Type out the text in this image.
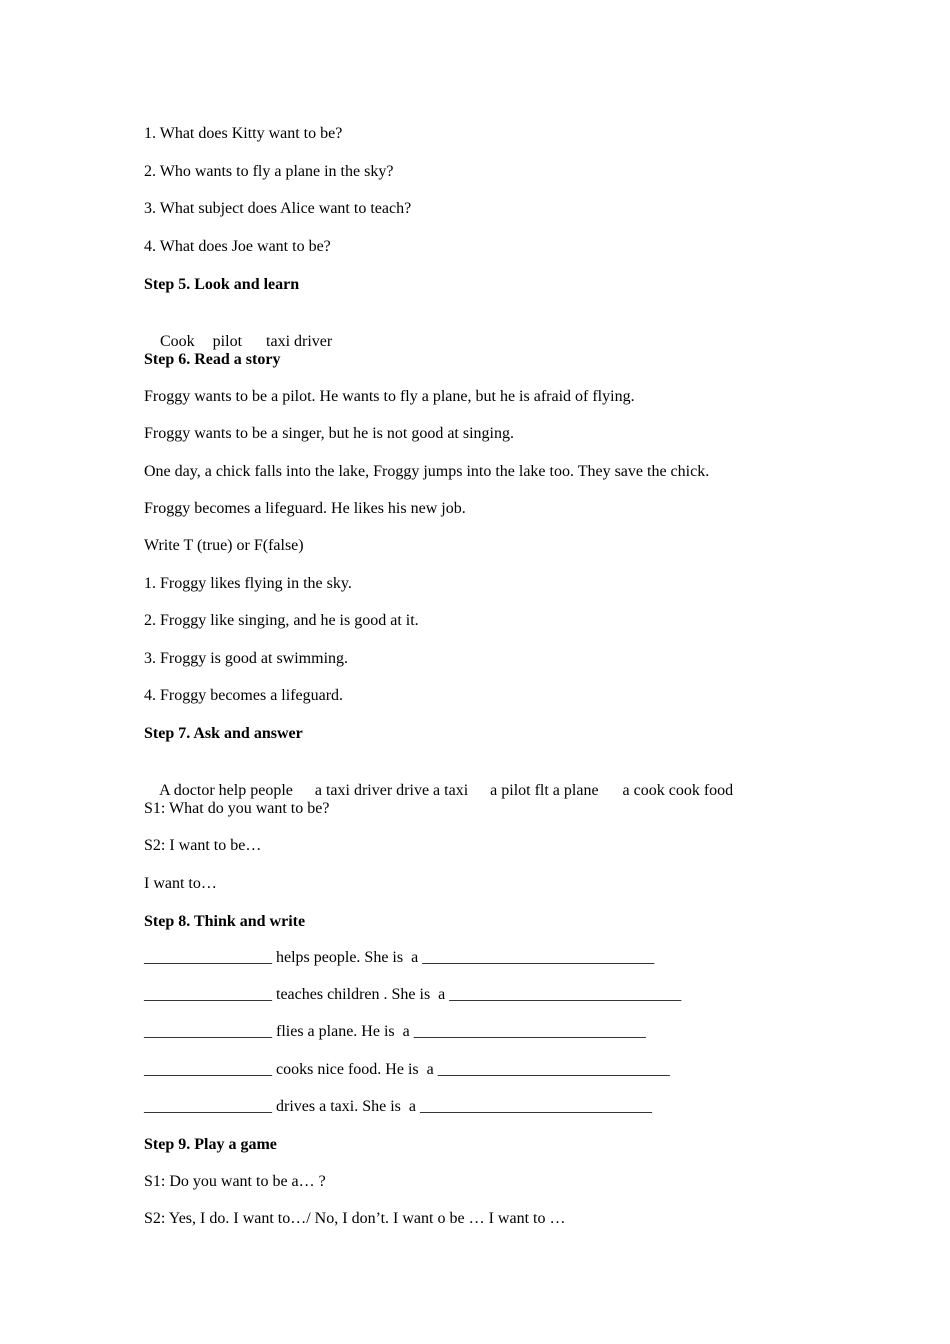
1. What does Kitty want to be?

2. Who wants to fly a plane in the sky?

3. What subject does Alice want to teach?

4. What does Joe want to be?

Step 5. Look and learn

Cook pilot taxi driver

Step 6. Read a story

Froggy wants to be a pilot. He wants to fly a plane, but he is afraid of flying.

Froggy wants to be a singer, but he is not good at singing.

One day, a chick falls into the lake, Froggy jumps into the lake too. They save the chick.

Froggy becomes a lifeguard. He likes his new job.

Write T (true) or F(false)

1. Froggy likes flying in the sky.

2. Froggy like singing, and he is good at it.

3. Froggy is good at swimming.

4. Froggy becomes a lifeguard.

Step 7. Ask and answer

A doctor help people a taxi driver drive a taxi a pilot flt a plane a cook cook food

S1: What do you want to be?

S2: I want to be…

I want to…

Step 8. Think and write

________________ helps people. She is  a _____________________________

________________ teaches children . She is  a _____________________________

________________ flies a plane. He is  a _____________________________

________________ cooks nice food. He is  a _____________________________

________________ drives a taxi. She is  a _____________________________

Step 9. Play a game

S1: Do you want to be a… ?

S2: Yes, I do. I want to…/ No, I don’t. I want o be … I want to …
